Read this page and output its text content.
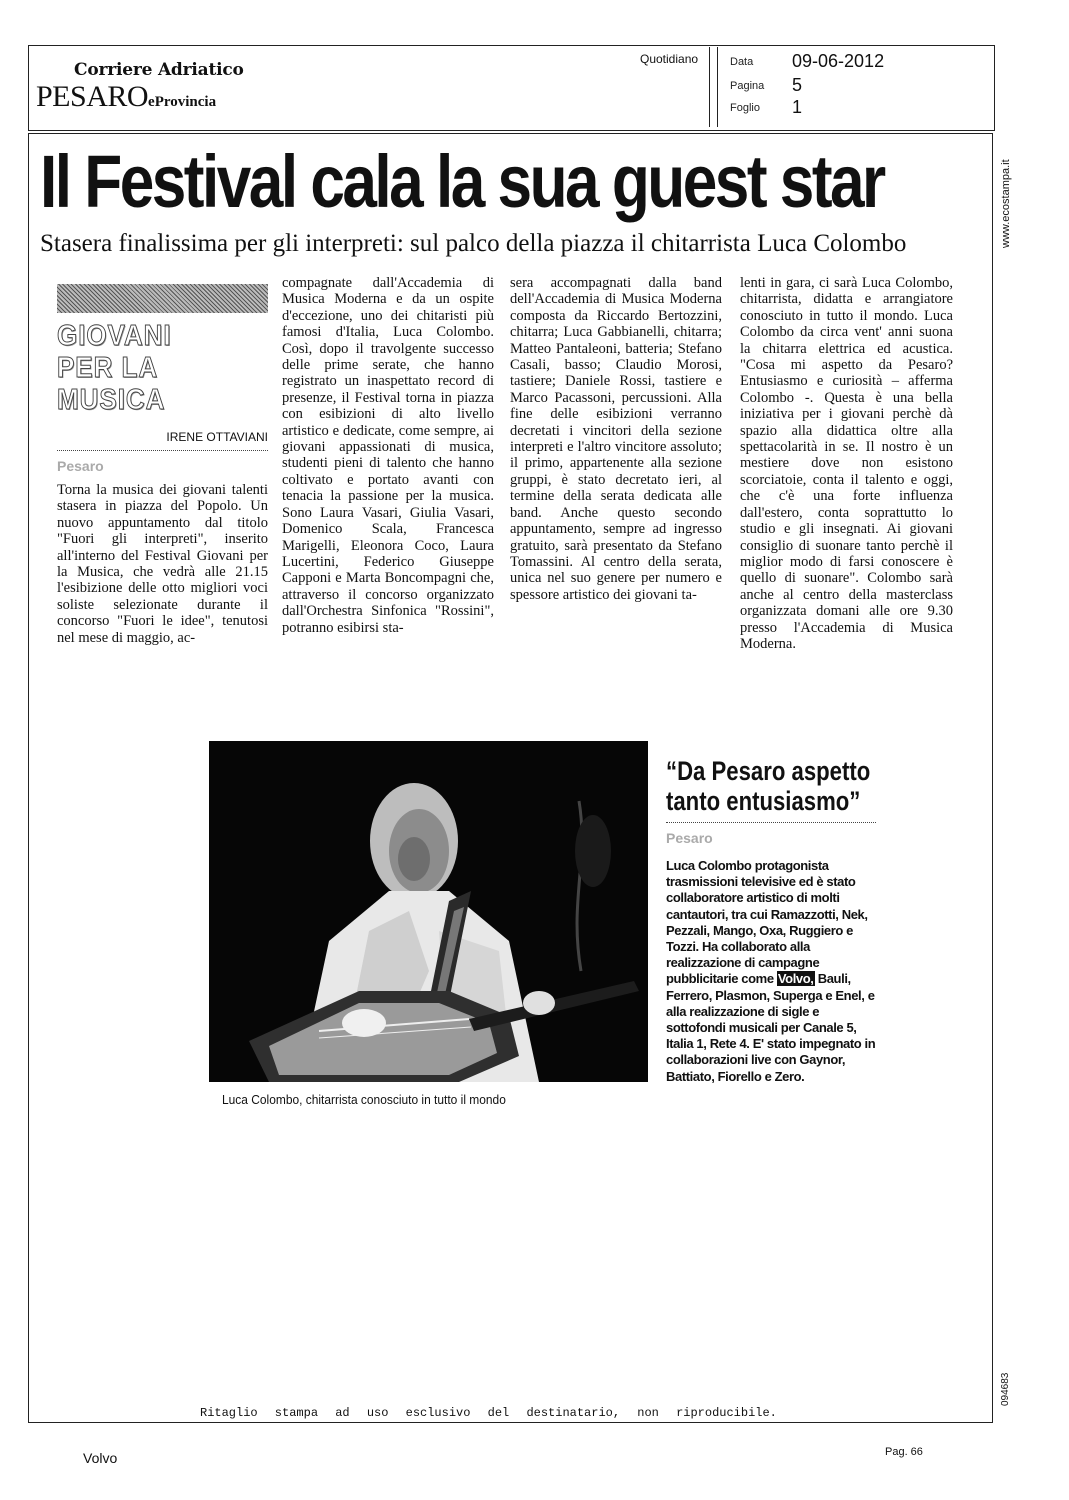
Corriere Adriatico
PESAROeProvincia
Quotidiano	Data 09-06-2012
Pagina 5
Foglio 1
www.ecostampa.it
094683
Il Festival cala la sua guest star
Stasera finalissima per gli interpreti: sul palco della piazza il chitarrista Luca Colombo
GIOVANI
PER LA MUSICA
IRENE OTTAVIANI
Pesaro

Torna la musica dei giovani talenti stasera in piazza del Popolo. Un nuovo appuntamento dal titolo "Fuori gli interpreti", inserito all'interno del Festival Giovani per la Musica, che vedrà alle 21.15 l'esibizione delle otto migliori voci soliste selezionate durante il concorso "Fuori le idee", tenutosi nel mese di maggio, ac-

compagnate dall'Accademia di Musica Moderna e da un ospite d'eccezione, uno dei chitaristi più famosi d'Italia, Luca Colombo. Così, dopo il travolgente successo delle prime serate, che hanno registrato un inaspettato record di presenze, il Festival torna in piazza con esibizioni di alto livello artistico e dedicate, come sempre, ai giovani appassionati di musica, studenti pieni di talento che hanno coltivato e portato avanti con tenacia la passione per la musica. Sono Laura Vasari, Giulia Vasari, Domenico Scala, Francesca Marigelli, Eleonora Coco, Laura Lucertini, Federico Giuseppe Capponi e Marta Boncompagni che, attraverso il concorso organizzato dall'Orchestra Sinfonica "Rossini", potranno esibirsi sta-

sera accompagnati dalla band dell'Accademia di Musica Moderna composta da Riccardo Bertozzini, chitarra; Luca Gabbianelli, chitarra; Matteo Pantaleoni, batteria; Stefano Casali, basso; Claudio Morosi, tastiere; Daniele Rossi, tastiere e Marco Pacassoni, percussioni. Alla fine delle esibizioni verranno decretati i vincitori della sezione interpreti e l'altro vincitore assoluto; il primo, appartenente alla sezione gruppi, è stato decretato ieri, al termine della serata dedicata alle band. Anche questo secondo appuntamento, sempre ad ingresso gratuito, sarà presentato da Stefano Tomassini. Al centro della serata, unica nel suo genere per numero e spessore artistico dei giovani ta-

lenti in gara, ci sarà Luca Colombo, chitarrista, didatta e arrangiatore conosciuto in tutto il mondo. Luca Colombo da circa vent' anni suona la chitarra elettrica ed acustica. "Cosa mi aspetto da Pesaro? Entusiasmo e curiosità – afferma Colombo -. Questa è una bella iniziativa per i giovani perchè dà spazio alla didattica oltre alla spettacolarità in se. Il nostro è un mestiere dove non esistono scorciatoie, conta il talento e oggi, che c'è una forte influenza dall'estero, conta soprattutto lo studio e gli insegnati. Ai giovani consiglio di suonare tanto perchè il miglior modo di farsi conoscere è quello di suonare". Colombo sarà anche al centro della masterclass organizzata domani alle ore 9.30 presso l'Accademia di Musica Moderna.

Luca Colombo, chitarrista conosciuto in tutto il mondo
“Da Pesaro aspetto tanto entusiasmo”
Pesaro
Luca Colombo protagonista trasmissioni televisive ed è stato collaboratore artistico di molti cantautori, tra cui Ramazzotti, Nek, Pezzali, Mango, Oxa, Ruggiero e Tozzi. Ha collaborato alla realizzazione di campagne pubblicitarie come Volvo, Bauli, Ferrero, Plasmon, Superga e Enel, e alla realizzazione di sigle e sottofondi musicali per Canale 5, Italia 1, Rete 4. E' stato impegnato in collaborazioni live con Gaynor, Battiato, Fiorello e Zero.
Ritaglio stampa ad uso esclusivo del destinatario, non riproducibile.
Volvo	Pag. 66
